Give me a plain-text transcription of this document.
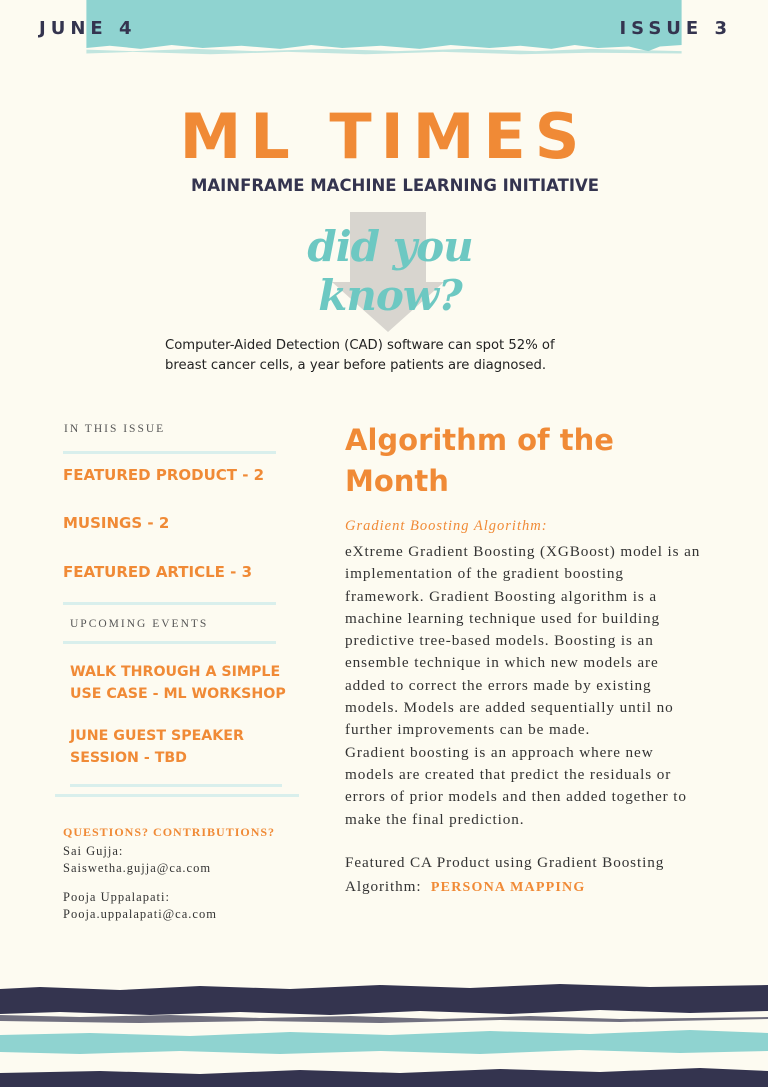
JUNE 4	ISSUE 3
ML TIMES
MAINFRAME MACHINE LEARNING INITIATIVE
did you know?
Computer-Aided Detection (CAD) software can spot 52% of
breast cancer cells, a year before patients are diagnosed.
IN THIS ISSUE
FEATURED PRODUCT - 2
MUSINGS - 2
FEATURED ARTICLE - 3
UPCOMING EVENTS
WALK THROUGH A SIMPLE
USE CASE - ML WORKSHOP
JUNE GUEST SPEAKER
SESSION - TBD
QUESTIONS? CONTRIBUTIONS?
Sai Gujja:
Saiswetha.gujja@ca.com
Pooja Uppalapati:
Pooja.uppalapati@ca.com
Algorithm of the
Month
Gradient Boosting Algorithm:
eXtreme Gradient Boosting (XGBoost) model is an
implementation of the gradient boosting
framework. Gradient Boosting algorithm is a
machine learning technique used for building
predictive tree-based models. Boosting is an
ensemble technique in which new models are
added to correct the errors made by existing
models. Models are added sequentially until no
further improvements can be made.
Gradient boosting is an approach where new
models are created that predict the residuals or
errors of prior models and then added together to
make the final prediction.
Featured CA Product using Gradient Boosting
Algorithm: PERSONA MAPPING
